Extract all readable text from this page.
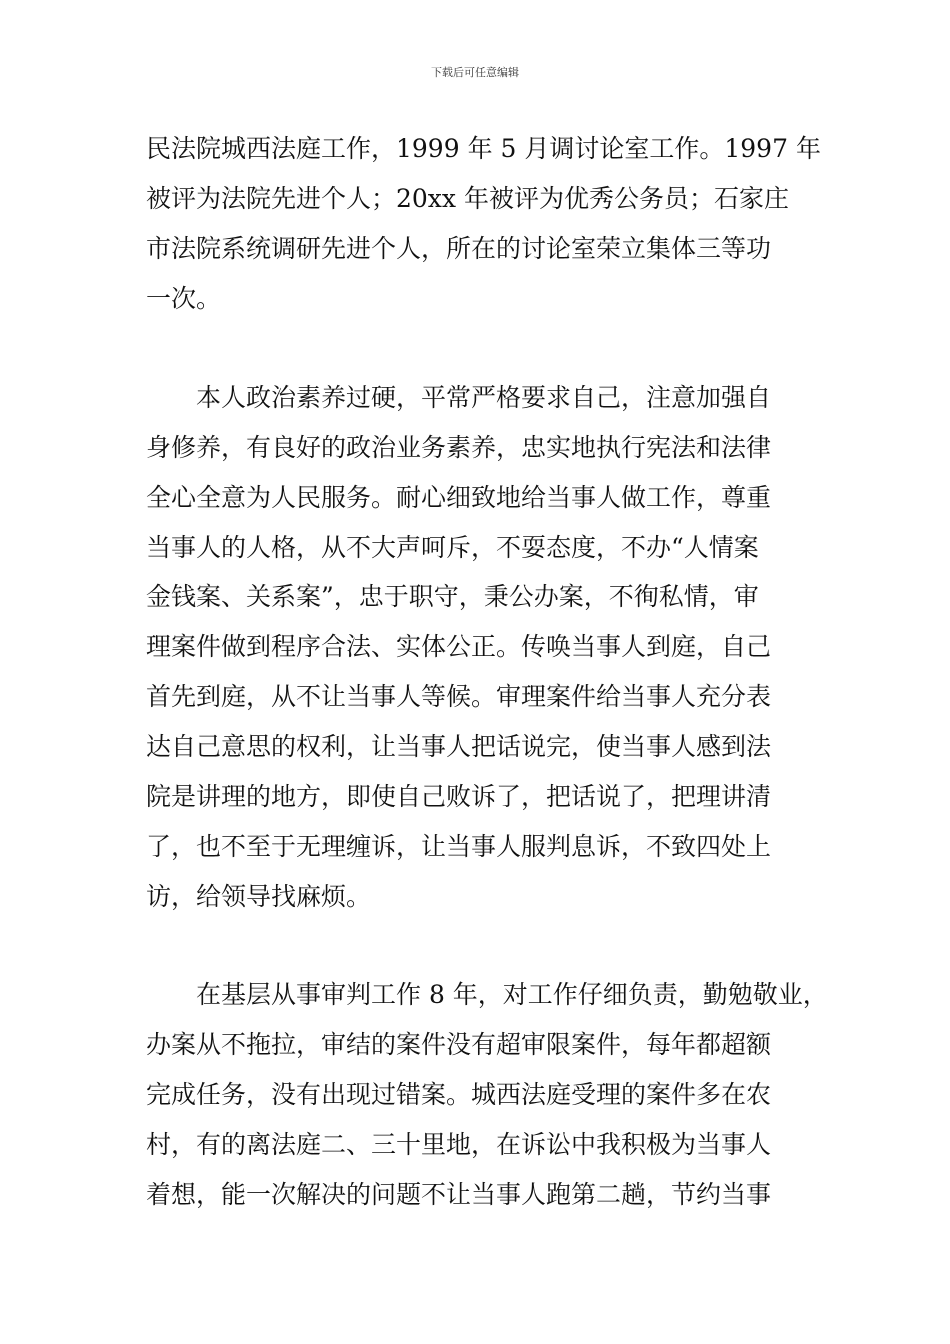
下载后可任意编辑
民法院城西法庭工作，1999 年 5 月调讨论室工作。1997 年
被评为法院先进个人；20xx 年被评为优秀公务员；石家庄
市法院系统调研先进个人，所在的讨论室荣立集体三等功
一次。
　　本人政治素养过硬，平常严格要求自己，注意加强自
身修养，有良好的政治业务素养，忠实地执行宪法和法律
全心全意为人民服务。耐心细致地给当事人做工作，尊重
当事人的人格，从不大声呵斥，不耍态度，不办“人情案
金钱案、关系案”，忠于职守，秉公办案，不徇私情，审
理案件做到程序合法、实体公正。传唤当事人到庭，自己
首先到庭，从不让当事人等候。审理案件给当事人充分表
达自己意思的权利，让当事人把话说完，使当事人感到法
院是讲理的地方，即使自己败诉了，把话说了，把理讲清
了，也不至于无理缠诉，让当事人服判息诉，不致四处上
访，给领导找麻烦。
　　在基层从事审判工作 8 年，对工作仔细负责，勤勉敬业，
办案从不拖拉，审结的案件没有超审限案件，每年都超额
完成任务，没有出现过错案。城西法庭受理的案件多在农
村，有的离法庭二、三十里地，在诉讼中我积极为当事人
着想，能一次解决的问题不让当事人跑第二趟，节约当事
